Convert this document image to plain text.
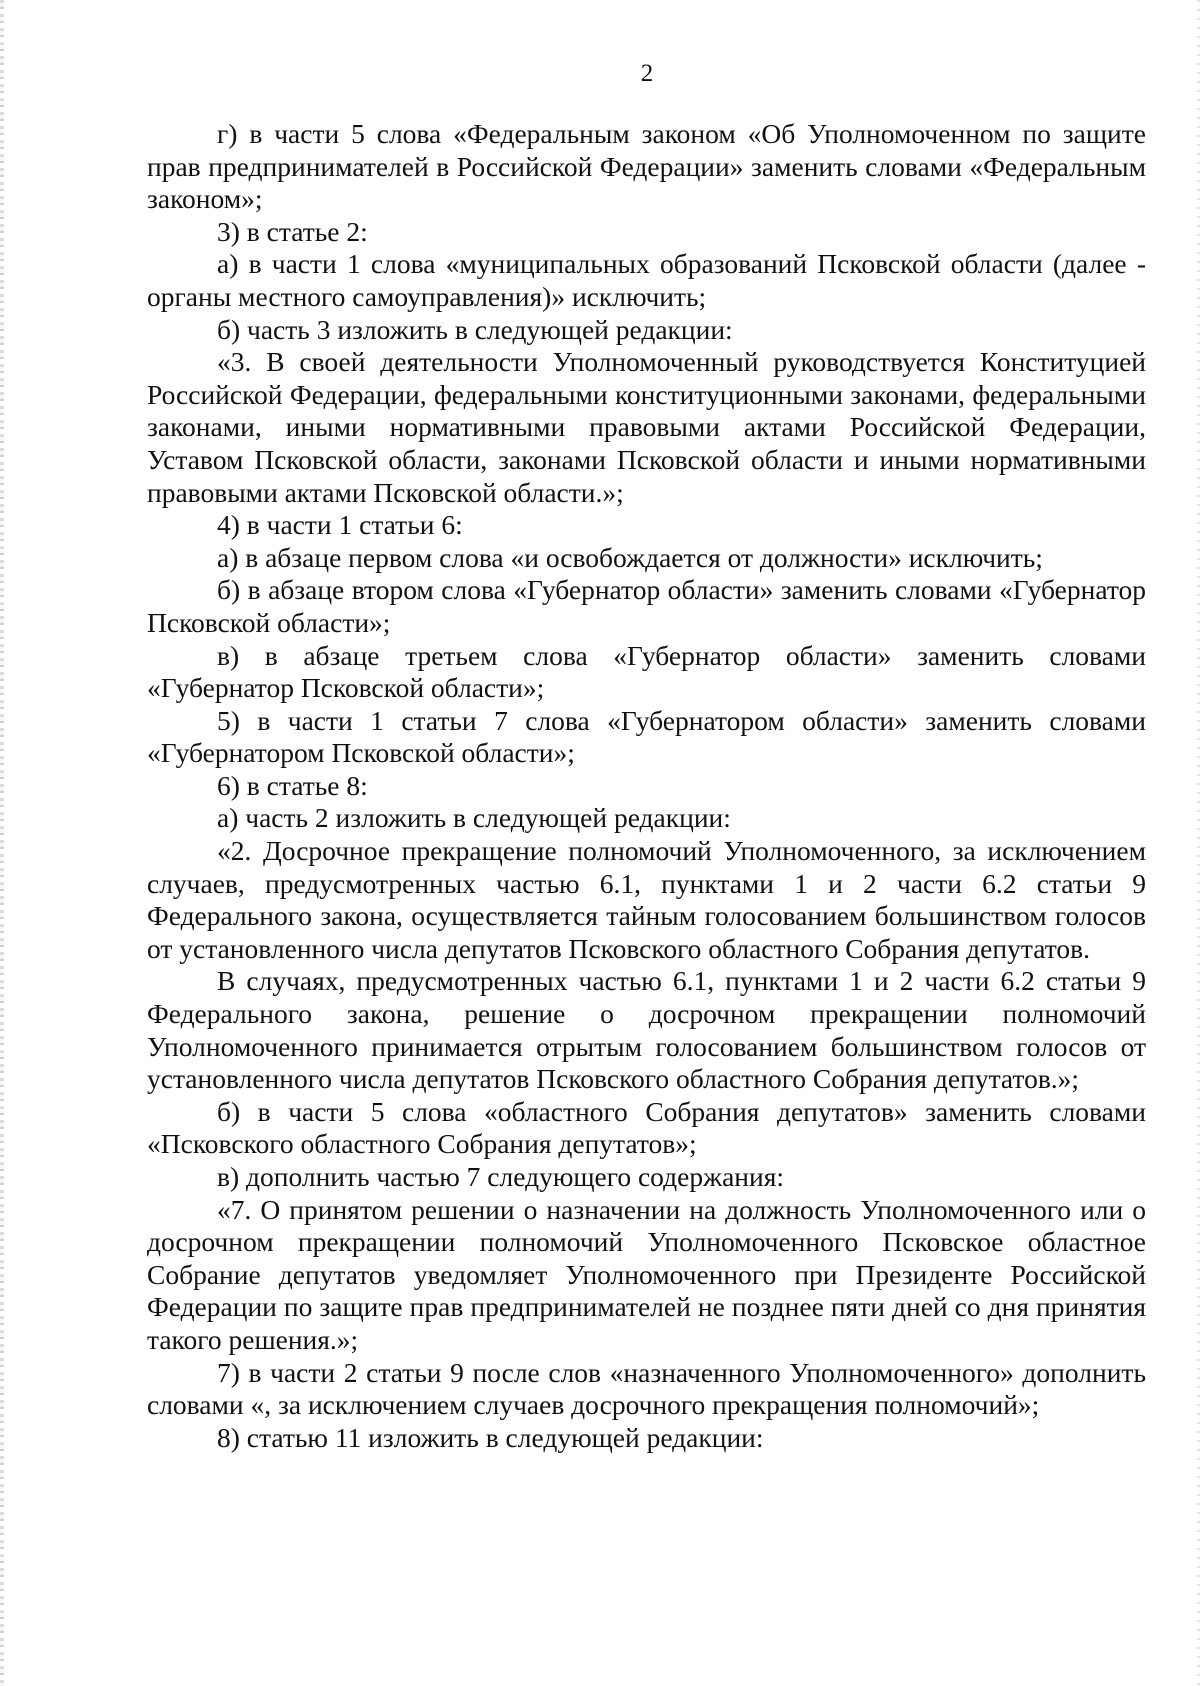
2

г) в части 5 слова «Федеральным законом «Об Уполномоченном по защите прав предпринимателей в Российской Федерации» заменить словами «Федеральным законом»;

3) в статье 2:

а) в части 1 слова «муниципальных образований Псковской области (далее - органы местного самоуправления)» исключить;

б) часть 3 изложить в следующей редакции:

«3. В своей деятельности Уполномоченный руководствуется Конституцией Российской Федерации, федеральными конституционными законами, федеральными законами, иными нормативными правовыми актами Российской Федерации, Уставом Псковской области, законами Псковской области и иными нормативными правовыми актами Псковской области.»;

4) в части 1 статьи 6:

а) в абзаце первом слова «и освобождается от должности» исключить;

б) в абзаце втором слова «Губернатор области» заменить словами «Губернатор Псковской области»;

в) в абзаце третьем слова «Губернатор области» заменить словами «Губернатор Псковской области»;

5) в части 1 статьи 7 слова «Губернатором области» заменить словами «Губернатором Псковской области»;

6) в статье 8:

а) часть 2 изложить в следующей редакции:

«2. Досрочное прекращение полномочий Уполномоченного, за исключением случаев, предусмотренных частью 6.1, пунктами 1 и 2 части 6.2 статьи 9 Федерального закона, осуществляется тайным голосованием большинством голосов от установленного числа депутатов Псковского областного Собрания депутатов.

В случаях, предусмотренных частью 6.1, пунктами 1 и 2 части 6.2 статьи 9 Федерального закона, решение о досрочном прекращении полномочий Уполномоченного принимается отрытым голосованием большинством голосов от установленного числа депутатов Псковского областного Собрания депутатов.»;

б) в части 5 слова «областного Собрания депутатов» заменить словами «Псковского областного Собрания депутатов»;

в) дополнить частью 7 следующего содержания:

«7. О принятом решении о назначении на должность Уполномоченного или о досрочном прекращении полномочий Уполномоченного Псковское областное Собрание депутатов уведомляет Уполномоченного при Президенте Российской Федерации по защите прав предпринимателей не позднее пяти дней со дня принятия такого решения.»;

7) в части 2 статьи 9 после слов «назначенного Уполномоченного» дополнить словами «, за исключением случаев досрочного прекращения полномочий»;

8) статью 11 изложить в следующей редакции:
